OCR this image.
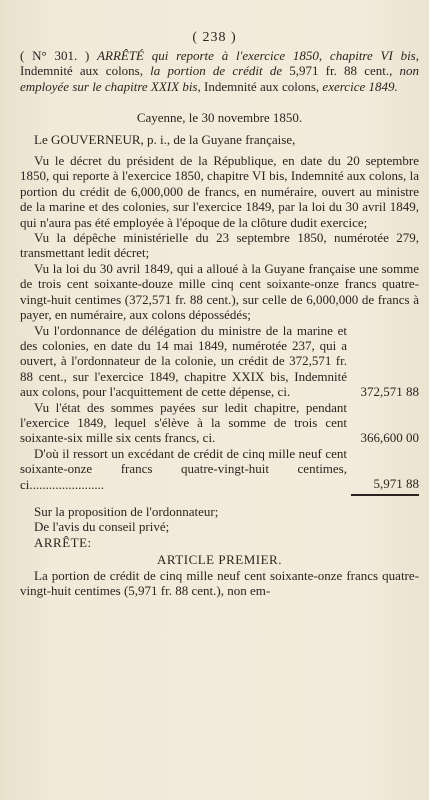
( 238 )

( N° 301. ) ARRÊTÉ qui reporte à l'exercice 1850, chapitre VI bis, Indemnité aux colons, la portion de crédit de 5,971 fr. 88 cent., non employée sur le chapitre XXIX bis, Indemnité aux colons, exercice 1849.

Cayenne, le 30 novembre 1850.

Le GOUVERNEUR, p. i., de la Guyane française,

Vu le décret du président de la République, en date du 20 septembre 1850, qui reporte à l'exercice 1850, chapitre VI bis, Indemnité aux colons, la portion du crédit de 6,000,000 de francs, en numéraire, ouvert au ministre de la marine et des colonies, sur l'exercice 1849, par la loi du 30 avril 1849, qui n'aura pas été employée à l'époque de la clôture dudit exercice;

Vu la dépêche ministérielle du 23 septembre 1850, numérotée 279, transmettant ledit décret;

Vu la loi du 30 avril 1849, qui a alloué à la Guyane française une somme de trois cent soixante-douze mille cinq cent soixante-onze francs quatre-vingt-huit centimes (372,571 fr. 88 cent.), sur celle de 6,000,000 de francs à payer, en numéraire, aux colons dépossédés;

Vu l'ordonnance de délégation du ministre de la marine et des colonies, en date du 14 mai 1849, numérotée 237, qui a ouvert, à l'ordonnateur de la colonie, un crédit de 372,571 fr. 88 cent., sur l'exercice 1849, chapitre XXIX bis, Indemnité aux colons, pour l'acquittement de cette dépense, ci.	372,571 88

Vu l'état des sommes payées sur ledit chapitre, pendant l'exercice 1849, lequel s'élève à la somme de trois cent soixante-six mille six cents francs, ci.	366,600 00

D'où il ressort un excédant de crédit de cinq mille neuf cent soixante-onze francs quatre-vingt-huit centimes, ci.......................	5,971 88

Sur la proposition de l'ordonnateur;

De l'avis du conseil privé;

ARRÊTE:

ARTICLE PREMIER.

La portion de crédit de cinq mille neuf cent soixante-onze francs quatre-vingt-huit centimes (5,971 fr. 88 cent.), non em-
